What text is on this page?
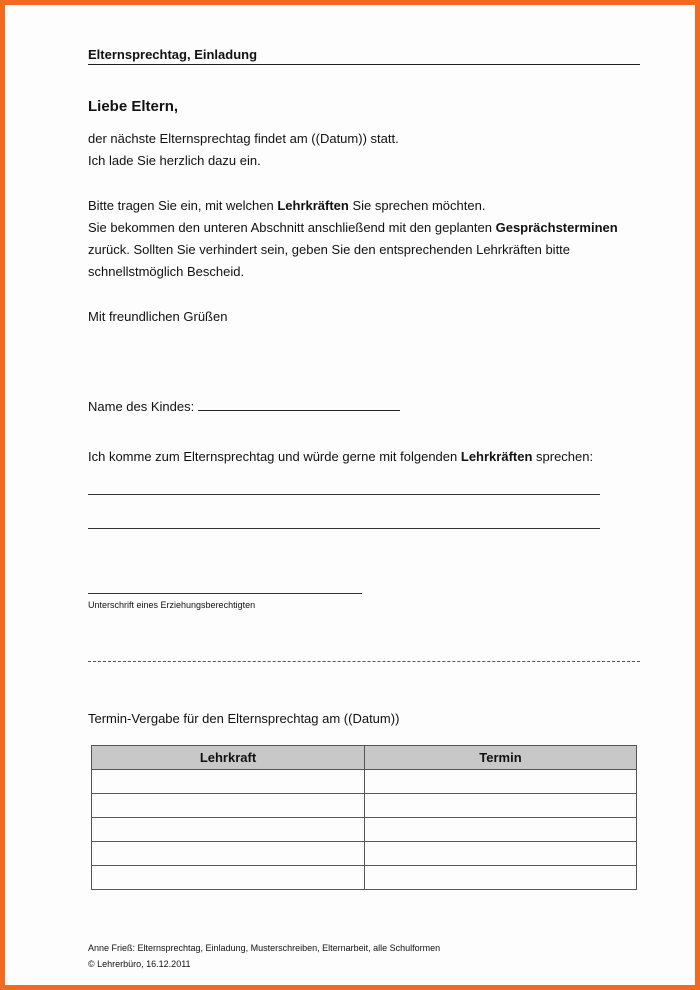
Elternsprechtag, Einladung
Liebe Eltern,
der nächste Elternsprechtag findet am ((Datum)) statt.
Ich lade Sie herzlich dazu ein.
Bitte tragen Sie ein, mit welchen Lehrkräften Sie sprechen möchten.
Sie bekommen den unteren Abschnitt anschließend mit den geplanten Gesprächsterminen
zurück. Sollten Sie verhindert sein, geben Sie den entsprechenden Lehrkräften bitte
schnellstmöglich Bescheid.
Mit freundlichen Grüßen
Name des Kindes:
Ich komme zum Elternsprechtag und würde gerne mit folgenden Lehrkräften sprechen:
Unterschrift eines Erziehungsberechtigten
Termin-Vergabe für den Elternsprechtag am ((Datum))
Lehrkraft	Termin

Anne Frieß: Elternsprechtag, Einladung, Musterschreiben, Elternarbeit, alle Schulformen
© Lehrerbüro, 16.12.2011
